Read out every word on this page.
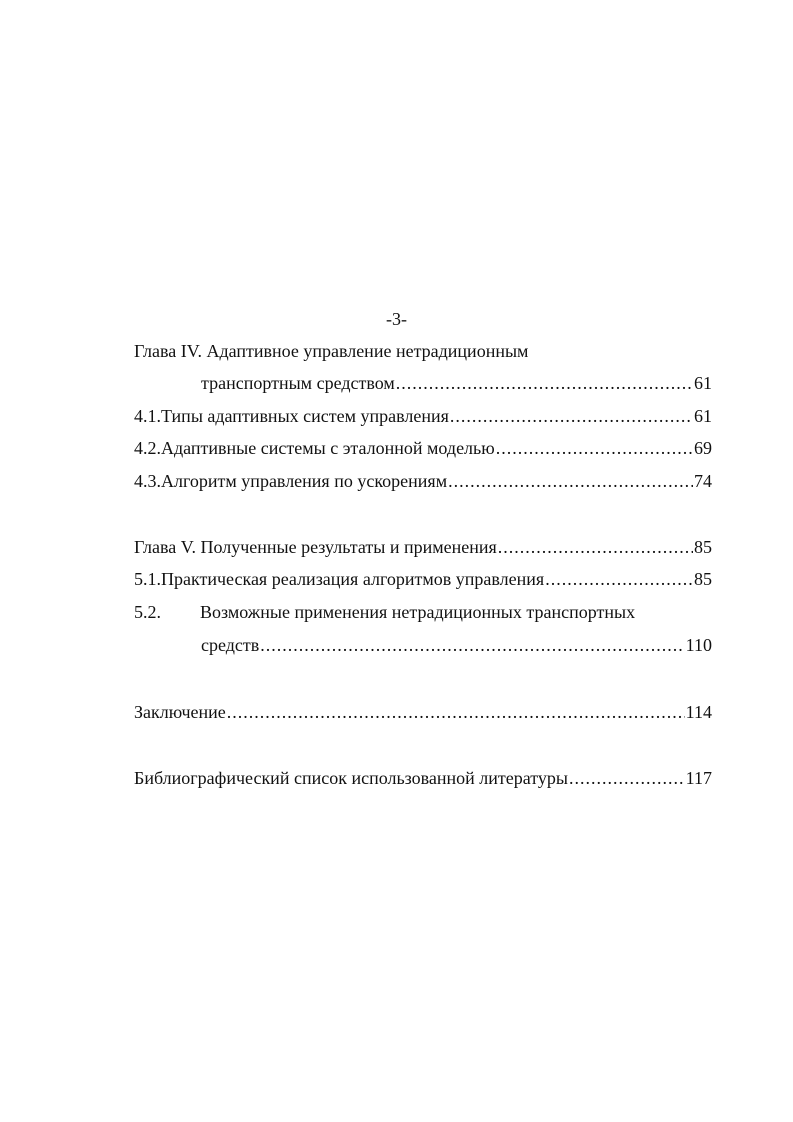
-3-
Глава IV. Адаптивное управление нетрадиционным
транспортным средством .....	61
4.1. Типы адаптивных систем управления .....	61
4.2. Адаптивные системы с эталонной моделью .....	69
4.3. Алгоритм управления по ускорениям .....	74
Глава V. Полученные результаты и применения .....	85
5.1. Практическая реализация алгоритмов управления .....	85
5.2.	Возможные применения нетрадиционных транспортных
средств .....	110
Заключение .....	114
Библиографический список использованной литературы .....	117
